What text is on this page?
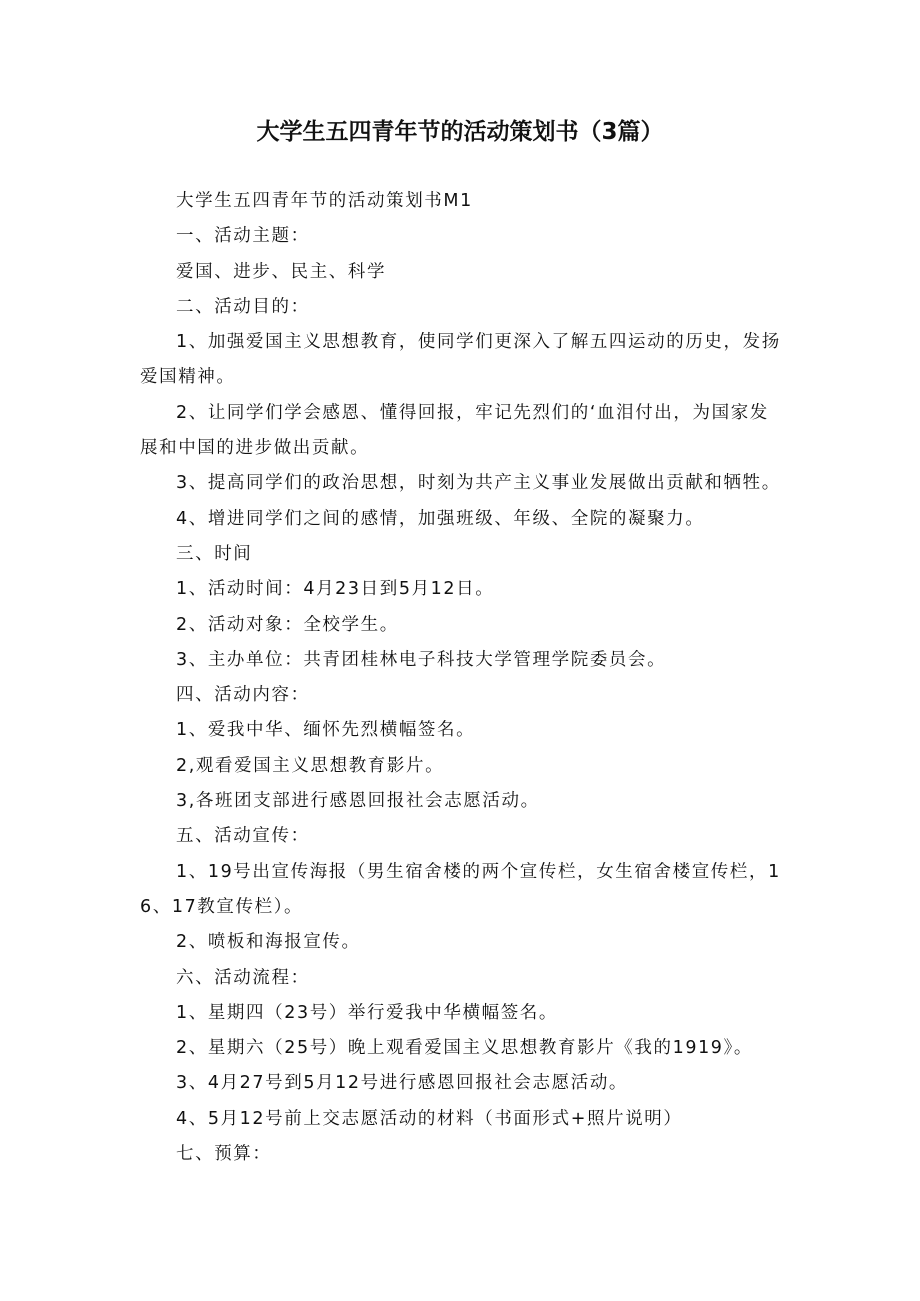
大学生五四青年节的活动策划书（3篇）

大学生五四青年节的活动策划书M1

一、活动主题：

爱国、进步、民主、科学

二、活动目的：

1、加强爱国主义思想教育，使同学们更深入了解五四运动的历史，发扬爱国精神。

2、让同学们学会感恩、懂得回报，牢记先烈们的‘血泪付出，为国家发展和中国的进步做出贡献。

3、提高同学们的政治思想，时刻为共产主义事业发展做出贡献和牺牲。

4、增进同学们之间的感情，加强班级、年级、全院的凝聚力。

三、时间

1、活动时间：4月23日到5月12日。

2、活动对象：全校学生。

3、主办单位：共青团桂林电子科技大学管理学院委员会。

四、活动内容：

1、爱我中华、缅怀先烈横幅签名。

2,观看爱国主义思想教育影片。

3,各班团支部进行感恩回报社会志愿活动。

五、活动宣传：

1、19号出宣传海报（男生宿舍楼的两个宣传栏，女生宿舍楼宣传栏，16、17教宣传栏）。

2、喷板和海报宣传。

六、活动流程：

1、星期四（23号）举行爱我中华横幅签名。

2、星期六（25号）晚上观看爱国主义思想教育影片《我的1919》。

3、4月27号到5月12号进行感恩回报社会志愿活动。

4、5月12号前上交志愿活动的材料（书面形式+照片说明）

七、预算：
